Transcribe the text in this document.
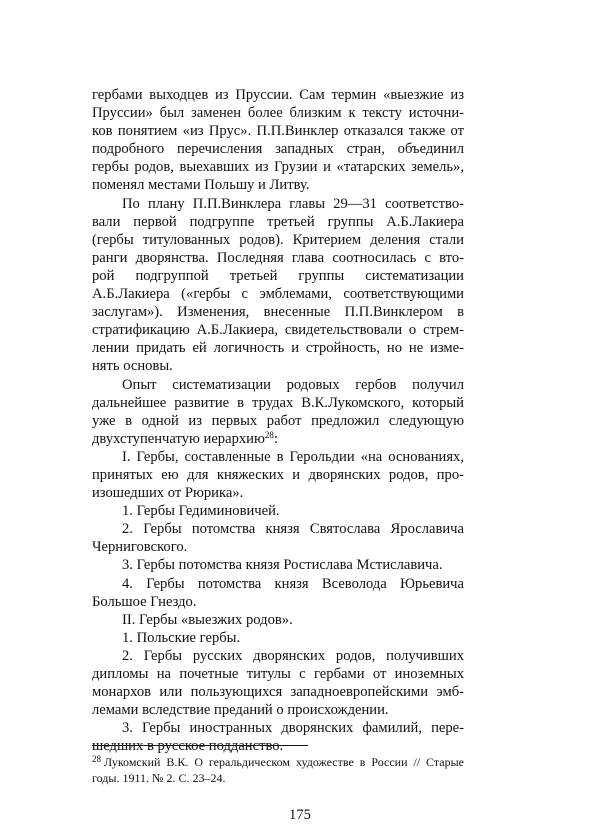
гербами выходцев из Пруссии. Сам термин «выезжие из
Пруссии» был заменен более близким к тексту источни-
ков понятием «из Прус». П.П.Винклер отказался также от
подробного перечисления западных стран, объединил
гербы родов, выехавших из Грузии и «татарских земель»,
поменял местами Польшу и Литву.
По плану П.П.Винклера главы 29—31 соответство-
вали первой подгруппе третьей группы А.Б.Лакиера
(гербы титулованных родов). Критерием деления стали
ранги дворянства. Последняя глава соотносилась с вто-
рой подгруппой третьей группы систематизации
А.Б.Лакиера («гербы с эмблемами, соответствующими
заслугам»). Изменения, внесенные П.П.Винклером в
стратификацию А.Б.Лакиера, свидетельствовали о стрем-
лении придать ей логичность и стройность, но не изме-
нять основы.
Опыт систематизации родовых гербов получил
дальнейшее развитие в трудах В.К.Лукомского, который
уже в одной из первых работ предложил следующую
двухступенчатую иерархию$^{28}$:
I. Гербы, составленные в Герольдии «на основаниях,
принятых ею для княжеских и дворянских родов, про-
изошедших от Рюрика».
1. Гербы Гедиминовичей.
2. Гербы потомства князя Святослава Ярославича
Черниговского.
3. Гербы потомства князя Ростислава Мстиславича.
4. Гербы потомства князя Всеволода Юрьевича
Большое Гнездо.
II. Гербы «выезжих родов».
1. Польские гербы.
2. Гербы русских дворянских родов, получивших
дипломы на почетные титулы с гербами от иноземных
монархов или пользующихся западноевропейскими эмб-
лемами вследствие преданий о происхождении.
3. Гербы иностранных дворянских фамилий, пере-
шедших в русское подданство.
$^{28}$ Лукомский В.К. О геральдическом художестве в России // Старые
годы. 1911. № 2. С. 23–24.
175
